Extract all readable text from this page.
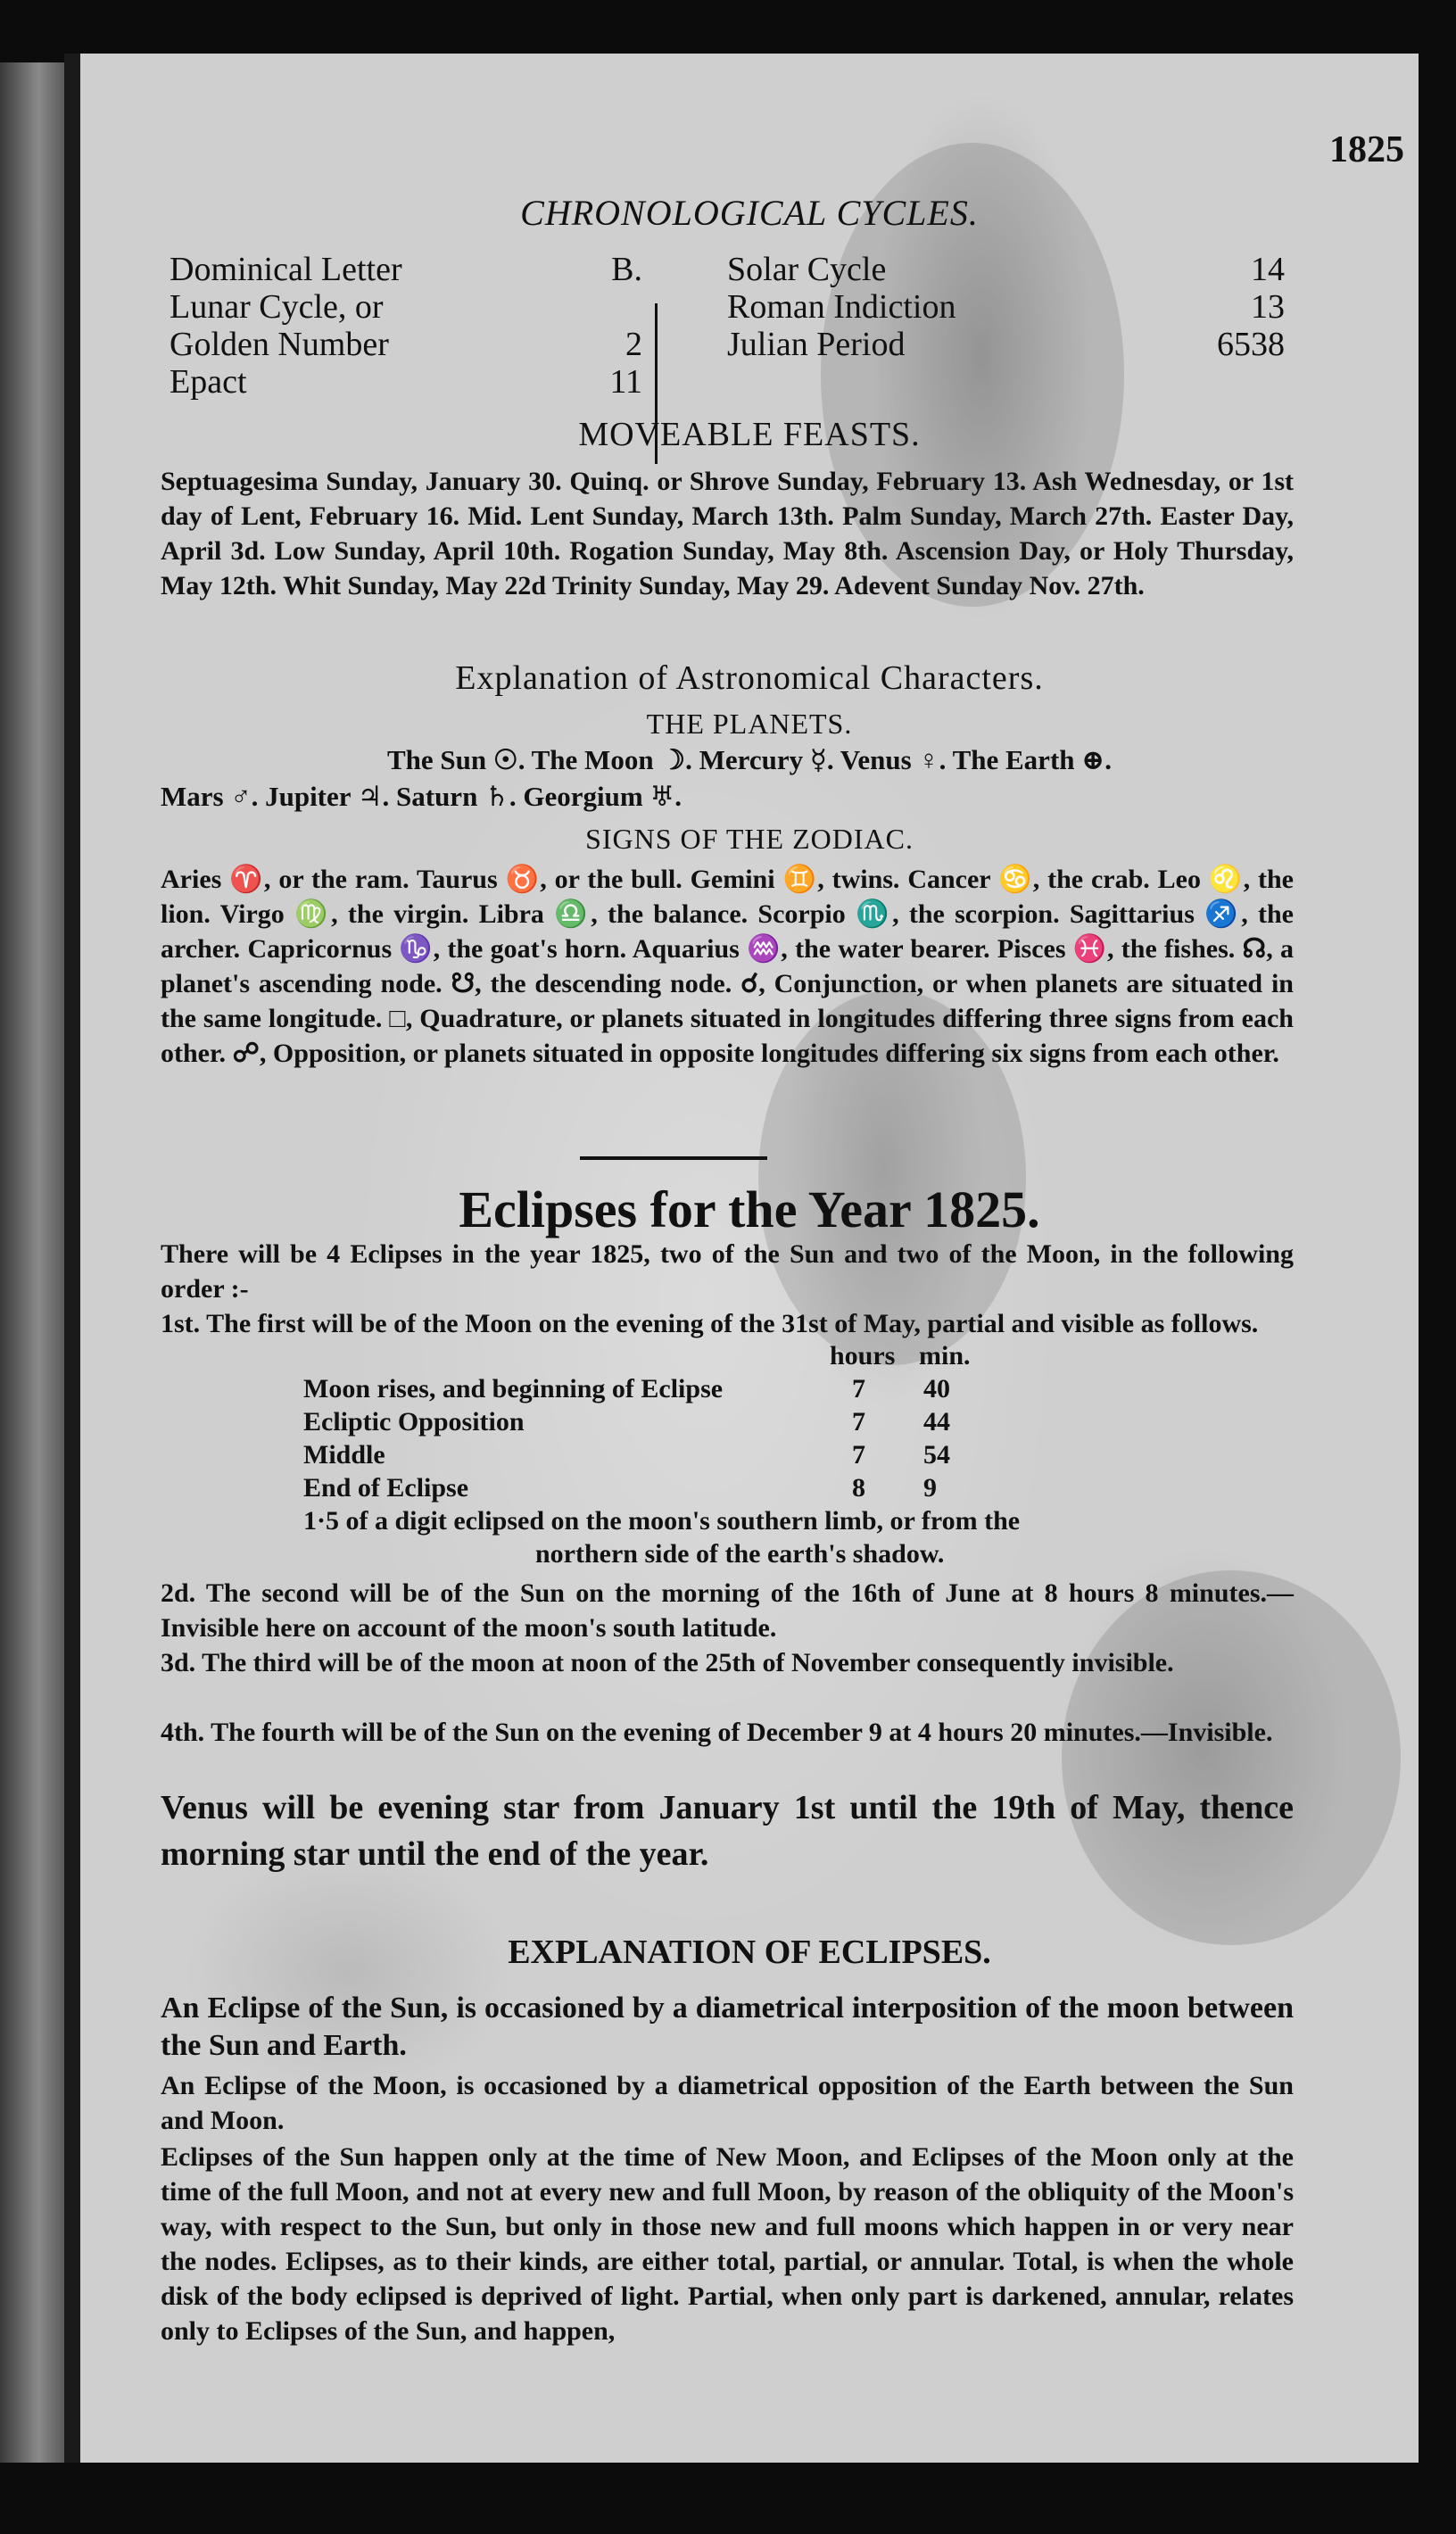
1825
CHRONOLOGICAL CYCLES.
Dominical Letter	B.
Lunar Cycle, or
Golden Number	2
Epact	11
Solar Cycle	14
Roman Indiction	13
Julian Period	6538
MOVEABLE FEASTS.
Septuagesima Sunday, January 30. Quinq. or Shrove Sunday, February 13. Ash Wednesday, or 1st day of Lent, February 16. Mid. Lent Sunday, March 13th. Palm Sunday, March 27th. Easter Day, April 3d. Low Sunday, April 10th. Rogation Sunday, May 8th. Ascension Day, or Holy Thursday, May 12th. Whit Sunday, May 22d Trinity Sunday, May 29. Adevent Sunday Nov. 27th.
Explanation of Astronomical Characters.
THE PLANETS.
The Sun ☉. The Moon ☽. Mercury ☿. Venus ♀. The Earth ⊕.
Mars ♂. Jupiter ♃. Saturn ♄. Georgium ♅.
SIGNS OF THE ZODIAC.
Aries ♈, or the ram. Taurus ♉, or the bull. Gemini ♊, twins. Cancer ♋, the crab. Leo ♌, the lion. Virgo ♍, the virgin. Libra ♎, the balance. Scorpio ♏, the scorpion. Sagittarius ♐, the archer. Capricornus ♑, the goat's horn. Aquarius ♒, the water bearer. Pisces ♓, the fishes. ☊, a planet's ascending node. ☋, the descending node. ☌, Conjunction, or when planets are situated in the same longitude. □, Quadrature, or planets situated in longitudes differing three signs from each other. ☍, Opposition, or planets situated in opposite longitudes differing six signs from each other.
Eclipses for the Year 1825.
There will be 4 Eclipses in the year 1825, two of the Sun and two of the Moon, in the following order :-
1st. The first will be of the Moon on the evening of the 31st of May, partial and visible as follows.
hours min.
Moon rises, and beginning of Eclipse	7 40
Ecliptic Opposition	7 44
Middle	7 54
End of Eclipse	8 9
1·5 of a digit eclipsed on the moon's southern limb, or from the
northern side of the earth's shadow.
2d. The second will be of the Sun on the morning of the 16th of June at 8 hours 8 minutes.—Invisible here on account of the moon's south latitude.
3d. The third will be of the moon at noon of the 25th of November consequently invisible.
4th. The fourth will be of the Sun on the evening of December 9 at 4 hours 20 minutes.—Invisible.
Venus will be evening star from January 1st until the 19th of May, thence morning star until the end of the year.
EXPLANATION OF ECLIPSES.
An Eclipse of the Sun, is occasioned by a diametrical interposition of the moon between the Sun and Earth.
An Eclipse of the Moon, is occasioned by a diametrical opposition of the Earth between the Sun and Moon.
Eclipses of the Sun happen only at the time of New Moon, and Eclipses of the Moon only at the time of the full Moon, and not at every new and full Moon, by reason of the obliquity of the Moon's way, with respect to the Sun, but only in those new and full moons which happen in or very near the nodes. Eclipses, as to their kinds, are either total, partial, or annular. Total, is when the whole disk of the body eclipsed is deprived of light. Partial, when only part is darkened, annular, relates only to Eclipses of the Sun, and happen,
